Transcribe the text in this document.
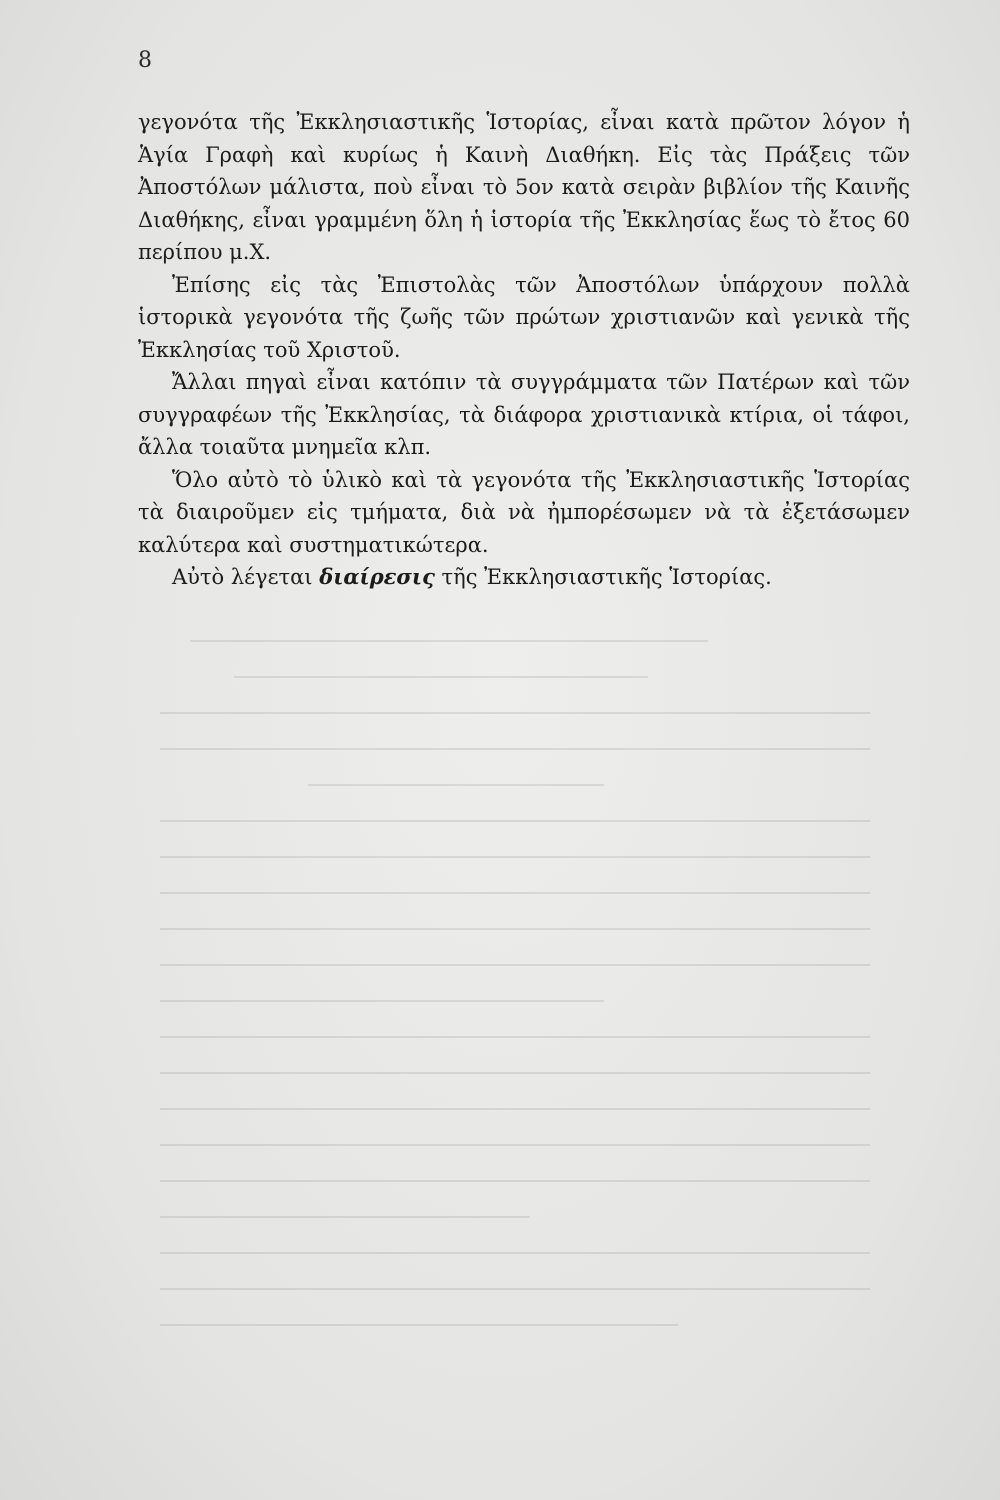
8

γεγονότα τῆς Ἐκκλησιαστικῆς Ἱστορίας, εἶναι κατὰ πρῶτον λόγον ἡ Ἁγία Γραφὴ καὶ κυρίως ἡ Καινὴ Διαθήκη. Εἰς τὰς Πράξεις τῶν Ἀποστόλων μάλιστα, ποὺ εἶναι τὸ 5ον κατὰ σειρὰν βιβλίον τῆς Καινῆς Διαθήκης, εἶναι γραμμένη ὅλη ἡ ἱστορία τῆς Ἐκκλησίας ἕως τὸ ἔτος 60 περίπου μ.Χ.

Ἐπίσης εἰς τὰς Ἐπιστολὰς τῶν Ἀποστόλων ὑπάρχουν πολλὰ ἱστορικὰ γεγονότα τῆς ζωῆς τῶν πρώτων χριστιανῶν καὶ γενικὰ τῆς Ἐκκλησίας τοῦ Χριστοῦ.

Ἄλλαι πηγαὶ εἶναι κατόπιν τὰ συγγράμματα τῶν Πατέρων καὶ τῶν συγγραφέων τῆς Ἐκκλησίας, τὰ διάφορα χριστιανικὰ κτίρια, οἱ τάφοι, ἄλλα τοιαῦτα μνημεῖα κλπ.

Ὅλο αὐτὸ τὸ ὑλικὸ καὶ τὰ γεγονότα τῆς Ἐκκλησιαστικῆς Ἱστορίας τὰ διαιροῦμεν εἰς τμήματα, διὰ νὰ ἠμπορέσωμεν νὰ τὰ ἐξετάσωμεν καλύτερα καὶ συστηματικώτερα.

Αὐτὸ λέγεται διαίρεσις τῆς Ἐκκλησιαστικῆς Ἱστορίας.
